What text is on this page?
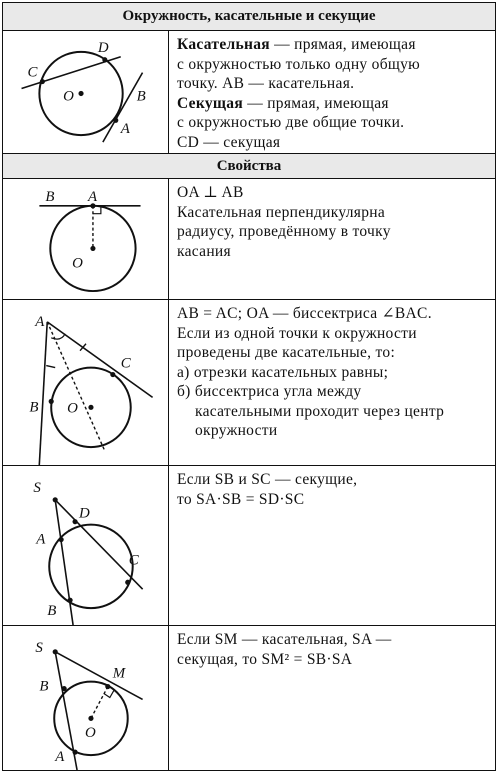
Окружность, касательные и секущие
C
D
O	B
A

Касательная — прямая, имеющая

с окружностью только одну общую

точку. AB — касательная.

Секущая — прямая, имеющая

с окружностью две общие точки.

CD — секущая

Свойства
B A
O

OA ⊥ AB

Касательная перпендикулярна

радиусу, проведённому в точку

касания

A
C
B O

AB = AC; OA — биссектриса ∠BAC.

Если из одной точки к окружности

проведены две касательные, то:

а) отрезки касательных равны;

б) биссектриса угла между

касательными проходит через центр

окружности

S
D
A
C
B

Если SB и SC — секущие,

то SA·SB = SD·SC

S
M
B
O
A

Если SM — касательная, SA —

секущая, то SM² = SB·SA
